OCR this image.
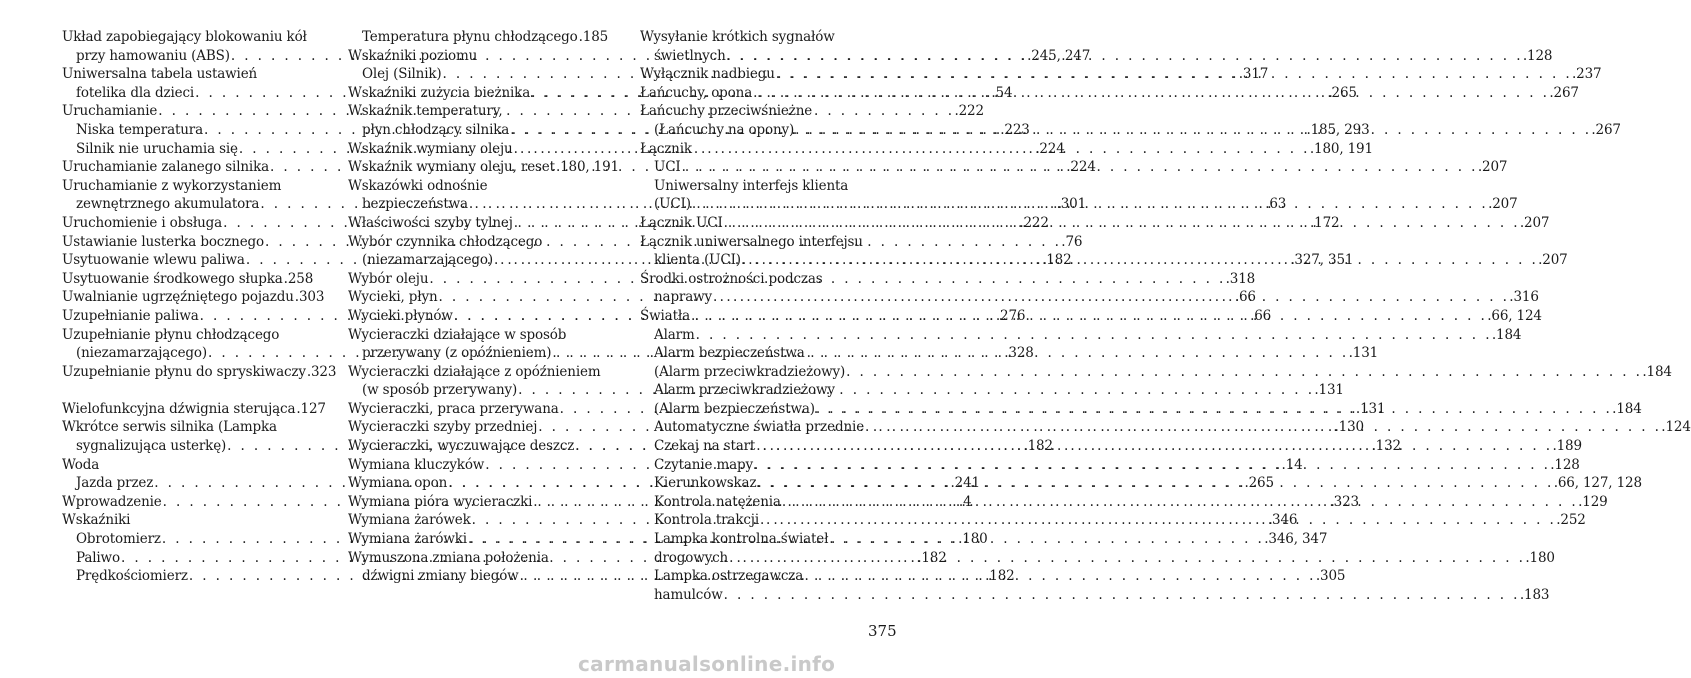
Układ zapobiegający blokowaniu kół
przy hamowaniu (ABS) . . .	.245, 247
Uniwersalna tabela ustawień
fotelika dla dzieci . . .	.54
Uruchamianie . . .	.222
Niska temperatura . . .	.223
Silnik nie uruchamia się . . .	.224
Uruchamianie zalanego silnika . . .	.224
Uruchamianie z wykorzystaniem
zewnętrznego akumulatora . . .	.301
Uruchomienie i obsługa . . .	.222
Ustawianie lusterka bocznego . . .	.76
Usytuowanie wlewu paliwa . . .	.182
Usytuowanie środkowego słupka . . . .258
Uwalnianie ugrzęźniętego pojazdu . . . .303
Uzupełnianie paliwa . . .	.276
Uzupełnianie płynu chłodzącego
(niezamarzającego) . . .	.328
Uzupełnianie płynu do spryskiwaczy . . . .323
Wielofunkcyjna dźwignia sterująca . . . .127
Wkrótce serwis silnika (Lampka
sygnalizująca usterkę) . . .	.182
Woda
Jazda przez . . .	.241
Wprowadzenie . . .	.4
Wskaźniki
Obrotomierz . . .	.180
Paliwo . . .	.182
Prędkościomierz . . .	.182
Temperatura płynu chłodzącego . . . .185
Wskaźniki poziomu
Olej (Silnik) . . .	.317
Wskaźniki zużycia bieżnika . . .	.265
Wskaźnik temperatury,
płyn chłodzący silnika . . .	.185, 293
Wskaźnik wymiany oleju . . .	.180, 191
Wskaźnik wymiany oleju, reset . . . .180, 191
Wskazówki odnośnie
bezpieczeństwa . . .	.63
Właściwości szyby tylnej . . .	.172
Wybór czynnika chłodzącego
(niezamarzającego) . . .	.327, 351
Wybór oleju . . .	.318
Wycieki, płyn . . .	.66
Wycieki płynów . . .	.66
Wycieraczki działające w sposób
przerywany (z opóźnieniem) . . .	.131
Wycieraczki działające z opóźnieniem
(w sposób przerywany) . . .	.131
Wycieraczki, praca przerywana . . .	.131
Wycieraczki szyby przedniej . . .	.130
Wycieraczki, wyczuwające deszcz . . .	.132
Wymiana kluczyków . . .	.14
Wymiana opon . . .	.265
Wymiana pióra wycieraczki . . .	.323
Wymiana żarówek . . .	.346
Wymiana żarówki . . .	.346, 347
Wymuszona zmiana położenia
dźwigni zmiany biegów . . .	.305
Wysyłanie krótkich sygnałów
świetlnych . . .	.128
Wyłącznik nadbiegu . . .	.237
Łańcuchy, opona . . .	.267
Łańcuchy przeciwśnieżne
(Łańcuchy na opony) . . .	.267
Łącznik
UCI . . .	.207
Uniwersalny interfejs klienta
(UCI) . . .	.207
Łącznik UCI . . .	.207
Łącznik uniwersalnego interfejsu
klienta (UCI) . . .	.207
Środki ostrożności podczas
naprawy . . .	.316
Światła . . .	.66, 124
Alarm . . .	.184
Alarm bezpieczeństwa
(Alarm przeciwkradzieżowy) . . .	.184
Alarm przeciwkradzieżowy
(Alarm bezpieczeństwa) . . .	.184
Automatyczne światła przednie . . .	.124
Czekaj na start . . .	.189
Czytanie mapy . . .	.128
Kierunkowskaz . . .	.66, 127, 128
Kontrola natężenia . . .	.129
Kontrola trakcji . . .	.252
Lampka kontrolna świateł
drogowych . . .	.180
Lampka ostrzegawcza
hamulców . . .	.183
375
carmanualsonline.info
